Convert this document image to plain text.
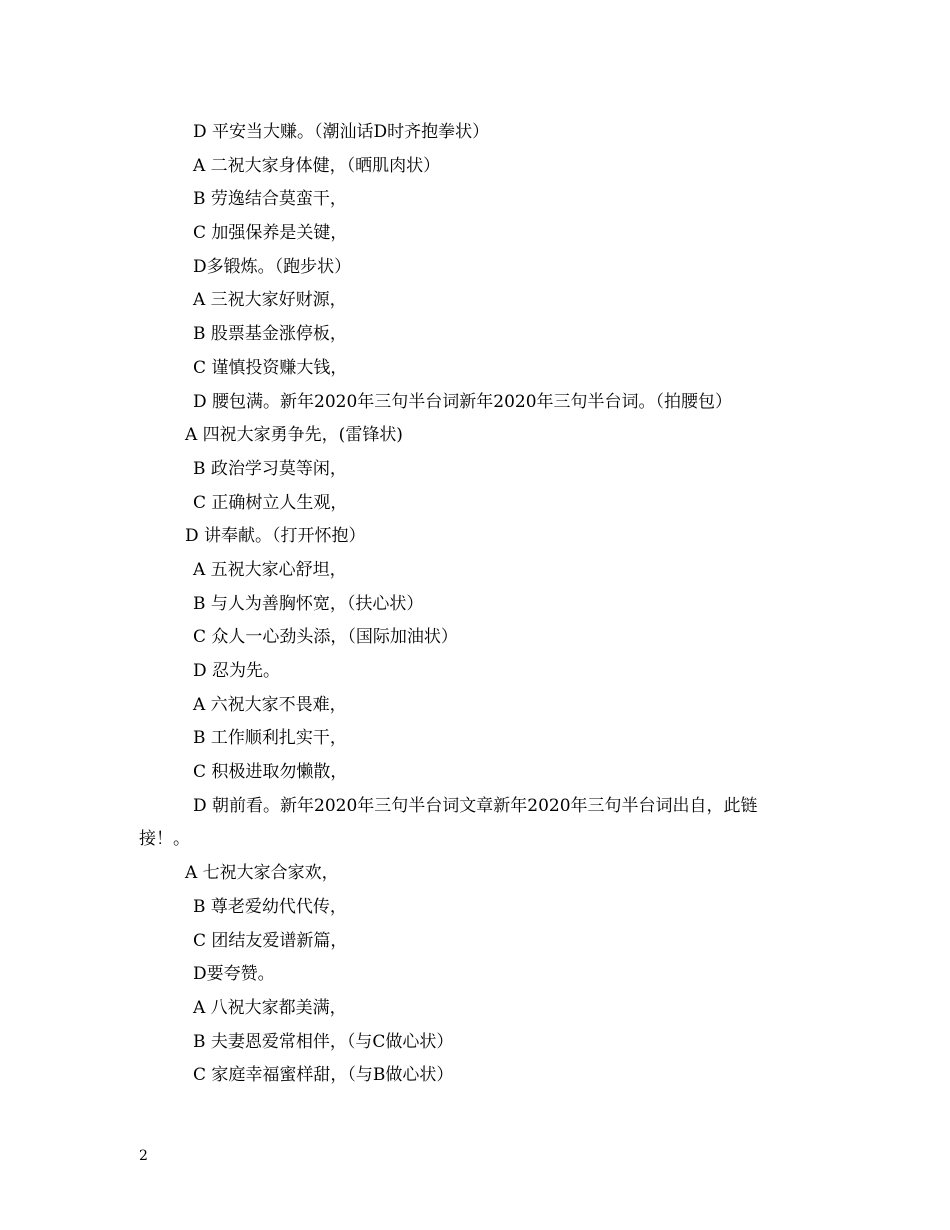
D 平安当大赚。（潮汕话D时齐抱拳状）
A 二祝大家身体健，（晒肌肉状）
B 劳逸结合莫蛮干，
C 加强保养是关键，
D多锻炼。（跑步状）
A 三祝大家好财源，
B 股票基金涨停板，
C 谨慎投资赚大钱，
D 腰包满。新年2020年三句半台词新年2020年三句半台词。（拍腰包）
A 四祝大家勇争先，(雷锋状)
B 政治学习莫等闲，
C 正确树立人生观，
D 讲奉献。（打开怀抱）
A 五祝大家心舒坦，
B 与人为善胸怀宽，（扶心状）
C 众人一心劲头添，（国际加油状）
D 忍为先。
A 六祝大家不畏难，
B 工作顺利扎实干，
C 积极进取勿懒散，
D 朝前看。新年2020年三句半台词文章新年2020年三句半台词出自，此链
接！。
A 七祝大家合家欢，
B 尊老爱幼代代传，
C 团结友爱谱新篇，
D要夸赞。
A 八祝大家都美满，
B 夫妻恩爱常相伴，（与C做心状）
C 家庭幸福蜜样甜，（与B做心状）
2
